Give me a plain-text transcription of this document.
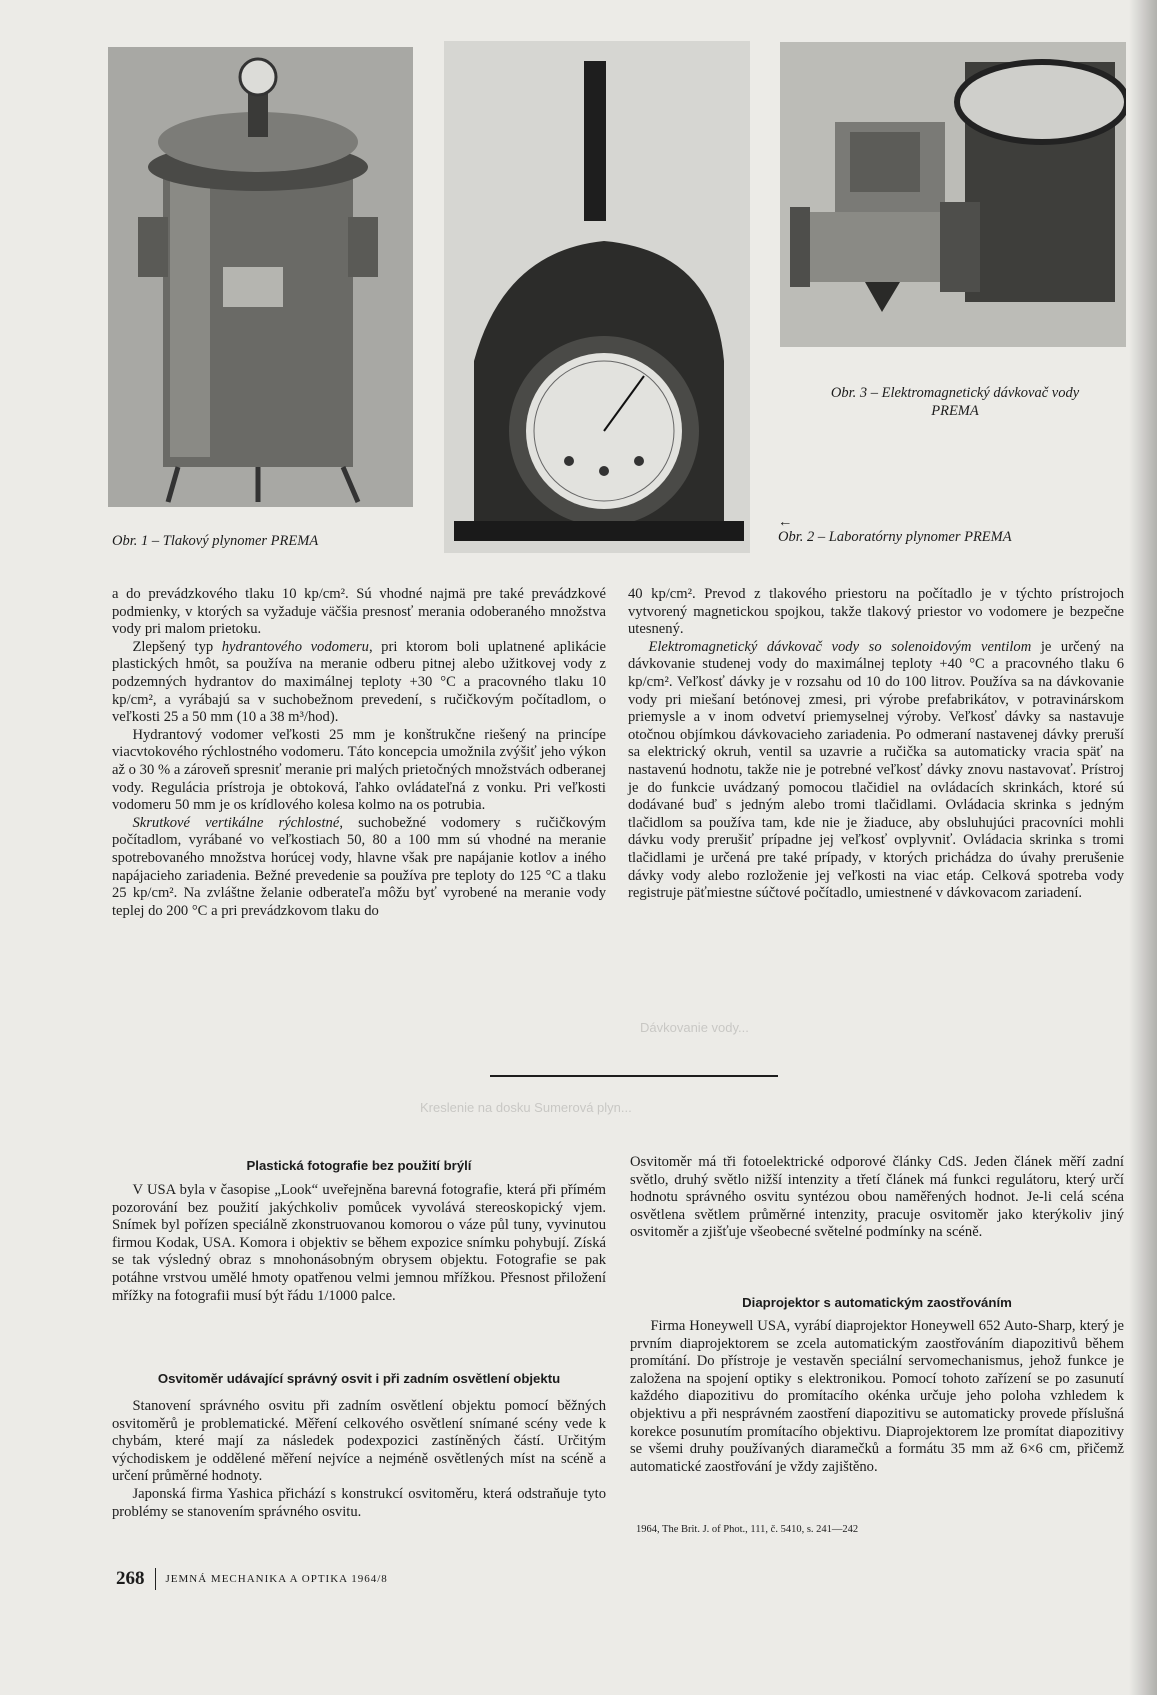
Obr. 1 – Tlakový plynomer PREMA
←
Obr. 2 – Laboratórny plynomer PREMA
Obr. 3 – Elektromagnetický dávkovač vody
PREMA

a do prevádzkového tlaku 10 kp/cm². Sú vhodné najmä pre také prevádzkové podmienky, v ktorých sa vyžaduje väčšia presnosť merania odoberaného množstva vody pri malom prietoku.

Zlepšený typ hydrantového vodomeru, pri ktorom boli uplatnené aplikácie plastických hmôt, sa používa na meranie odberu pitnej alebo užitkovej vody z podzemných hydrantov do maximálnej teploty +30 °C a pracovného tlaku 10 kp/cm², a vyrábajú sa v suchobežnom prevedení, s ručičkovým počítadlom, o veľkosti 25 a 50 mm (10 a 38 m³/hod).

Hydrantový vodomer veľkosti 25 mm je konštrukčne riešený na princípe viacvtokového rýchlostného vodomeru. Táto koncepcia umožnila zvýšiť jeho výkon až o 30 % a zároveň spresniť meranie pri malých prietočných množstvách odberanej vody. Regulácia prístroja je obtoková, ľahko ovládateľná z vonku. Pri veľkosti vodomeru 50 mm je os krídlového kolesa kolmo na os potrubia.

Skrutkové vertikálne rýchlostné, suchobežné vodomery s ručičkovým počítadlom, vyrábané vo veľkostiach 50, 80 a 100 mm sú vhodné na meranie spotrebovaného množstva horúcej vody, hlavne však pre napájanie kotlov a iného napájacieho zariadenia. Bežné prevedenie sa používa pre teploty do 125 °C a tlaku 25 kp/cm². Na zvláštne želanie odberateľa môžu byť vyrobené na meranie vody teplej do 200 °C a pri prevádzkovom tlaku do

40 kp/cm². Prevod z tlakového priestoru na počítadlo je v týchto prístrojoch vytvorený magnetickou spojkou, takže tlakový priestor vo vodomere je bezpečne utesnený.

Elektromagnetický dávkovač vody so solenoidovým ventilom je určený na dávkovanie studenej vody do maximálnej teploty +40 °C a pracovného tlaku 6 kp/cm². Veľkosť dávky je v rozsahu od 10 do 100 litrov. Používa sa na dávkovanie vody pri miešaní betónovej zmesi, pri výrobe prefabrikátov, v potravinárskom priemysle a v inom odvetví priemyselnej výroby. Veľkosť dávky sa nastavuje otočnou objímkou dávkovacieho zariadenia. Po odmeraní nastavenej dávky preruší sa elektrický okruh, ventil sa uzavrie a ručička sa automaticky vracia späť na nastavenú hodnotu, takže nie je potrebné veľkosť dávky znovu nastavovať. Prístroj je do funkcie uvádzaný pomocou tlačidiel na ovládacích skrinkách, ktoré sú dodávané buď s jedným alebo tromi tlačidlami. Ovládacia skrinka s jedným tlačidlom sa používa tam, kde nie je žiaduce, aby obsluhujúci pracovníci mohli dávku vody prerušiť prípadne jej veľkosť ovplyvniť. Ovládacia skrinka s tromi tlačidlami je určená pre také prípady, v ktorých prichádza do úvahy prerušenie dávky vody alebo rozloženie jej veľkosti na viac etáp. Celková spotreba vody registruje päťmiestne súčtové počítadlo, umiestnené v dávkovacom zariadení.

Kreslenie na dosku Sumerová plyn...
Dávkovanie vody...
Plastická fotografie bez použití brýlí

V USA byla v časopise „Look“ uveřejněna barevná fotografie, která při přímém pozorování bez použití jakýchkoliv pomůcek vyvolává stereoskopický vjem. Snímek byl pořízen speciálně zkonstruovanou komorou o váze půl tuny, vyvinutou firmou Kodak, USA. Komora i objektiv se během expozice snímku pohybují. Získá se tak výsledný obraz s mnohonásobným obrysem objektu. Fotografie se pak potáhne vrstvou umělé hmoty opatřenou velmi jemnou mřížkou. Přesnost přiložení mřížky na fotografii musí být řádu 1/1000 palce.

Osvitoměr udávající správný osvit i při zadním osvětlení objektu

Stanovení správného osvitu při zadním osvětlení objektu pomocí běžných osvitoměrů je problematické. Měření celkového osvětlení snímané scény vede k chybám, které mají za následek podexpozici zastíněných částí. Určitým východiskem je oddělené měření nejvíce a nejméně osvětlených míst na scéně a určení průměrné hodnoty.

Japonská firma Yashica přichází s konstrukcí osvitoměru, která odstraňuje tyto problémy se stanovením správného osvitu.

Osvitoměr má tři fotoelektrické odporové články CdS. Jeden článek měří zadní světlo, druhý světlo nižší intenzity a třetí článek má funkci regulátoru, který určí hodnotu správného osvitu syntézou obou naměřených hodnot. Je-li celá scéna osvětlena světlem průměrné intenzity, pracuje osvitoměr jako kterýkoliv jiný osvitoměr a zjišťuje všeobecné světelné podmínky na scéně.

Diaprojektor s automatickým zaostřováním

Firma Honeywell USA, vyrábí diaprojektor Honeywell 652 Auto-Sharp, který je prvním diaprojektorem se zcela automatickým zaostřováním diapozitivů během promítání. Do přístroje je vestavěn speciální servomechanismus, jehož funkce je založena na spojení optiky s elektronikou. Pomocí tohoto zařízení se po zasunutí každého diapozitivu do promítacího okénka určuje jeho poloha vzhledem k objektivu a při nesprávném zaostření diapozitivu se automaticky provede příslušná korekce posunutím promítacího objektivu. Diaprojektorem lze promítat diapozitivy se všemi druhy používaných diaramečků a formátu 35 mm až 6×6 cm, přičemž automatické zaostřování je vždy zajištěno.

1964, The Brit. J. of Phot., 111, č. 5410, s. 241—242
268 JEMNÁ MECHANIKA A OPTIKA 1964/8
